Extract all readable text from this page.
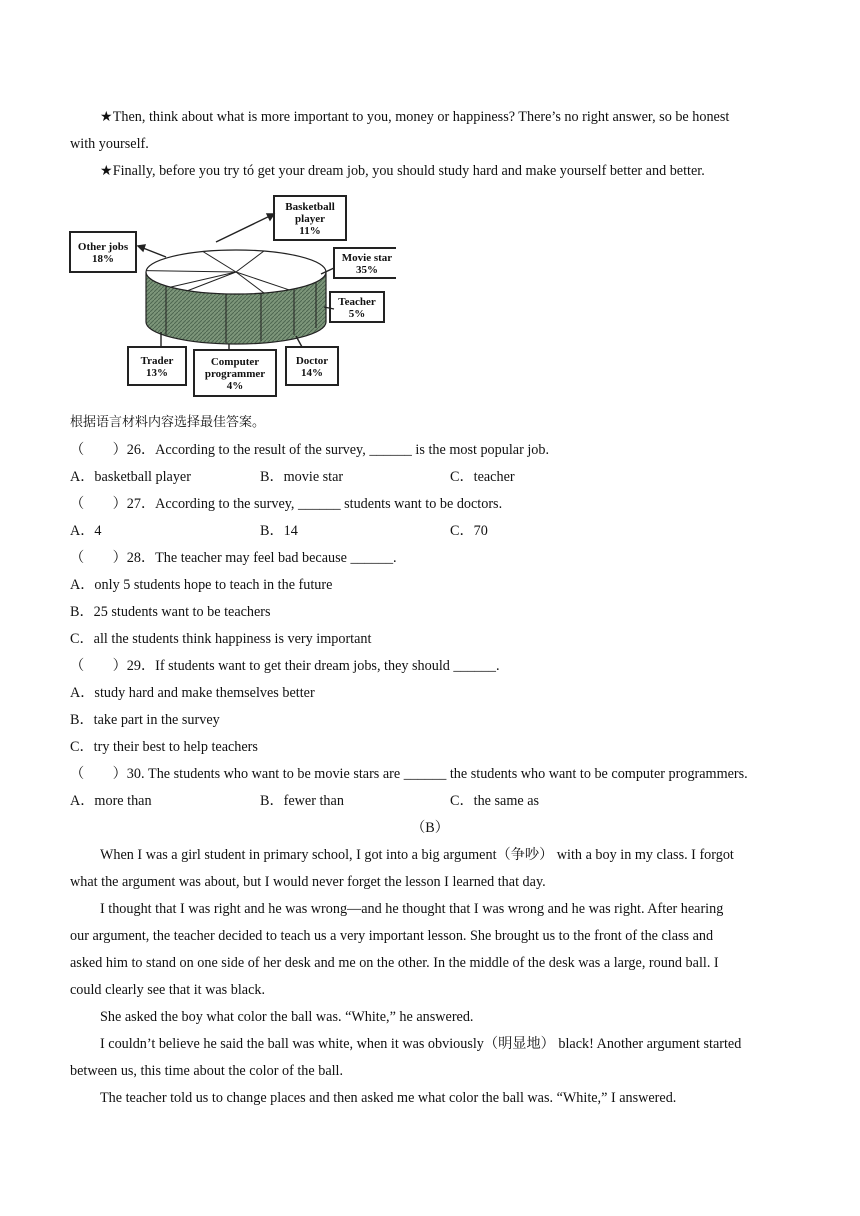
★Then, think about what is more important to you, money or happiness? There’s no right answer, so be honest
with yourself.
★Finally, before you try tó get your dream job, you should study hard and make yourself better and better.
Basketball
player
11%
Movie star
35%
Teacher
5%
Doctor
14%
Computer
programmer
4%
Trader
13%
Other jobs
18%
根据语言材料内容选择最佳答案。
（　　）26．According to the result of the survey, ______ is the most popular job.
A．basketball player	B．movie star	C．teacher
（　　）27．According to the survey, ______ students want to be doctors.
A．4	B．14	C．70
（　　）28．The teacher may feel bad because ______.
A．only 5 students hope to teach in the future
B．25 students want to be teachers
C．all the students think happiness is very important
（　　）29．If students want to get their dream jobs, they should ______.
A．study hard and make themselves better
B．take part in the survey
C．try their best to help teachers
（　　）30. The students who want to be movie stars are ______ the students who want to be computer programmers.
A．more than	B．fewer than	C．the same as
（B）
When I was a girl student in primary school, I got into a big argument（争吵） with a boy in my class. I forgot
what the argument was about, but I would never forget the lesson I learned that day.
I thought that I was right and he was wrong—and he thought that I was wrong and he was right. After hearing
our argument, the teacher decided to teach us a very important lesson. She brought us to the front of the class and
asked him to stand on one side of her desk and me on the other. In the middle of the desk was a large, round ball. I
could clearly see that it was black.
She asked the boy what color the ball was. “White,” he answered.
I couldn’t believe he said the ball was white, when it was obviously（明显地） black! Another argument started
between us, this time about the color of the ball.
The teacher told us to change places and then asked me what color the ball was. “White,” I answered.
